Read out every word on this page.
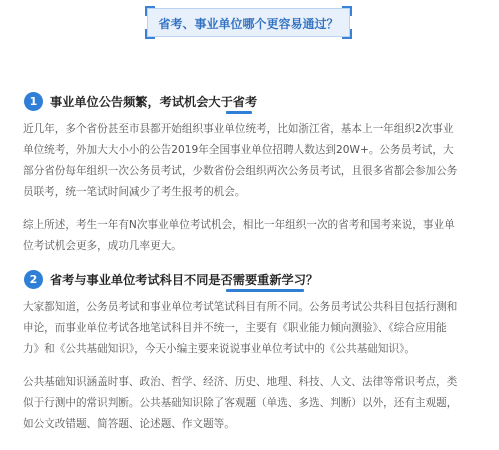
省考、事业单位哪个更容易通过？
1	事业单位公告频繁，考试机会大于省考
近几年，多个省份甚至市县都开始组织事业单位统考，比如浙江省，基本上一年组织2次事业
单位统考，外加大大小小的公告2019年全国事业单位招聘人数达到20W+。公务员考试，大
部分省份每年组织一次公务员考试，少数省份会组织两次公务员考试，且很多省都会参加公务
员联考，统一笔试时间减少了考生报考的机会。
综上所述，考生一年有N次事业单位考试机会，相比一年组织一次的省考和国考来说，事业单
位考试机会更多，成功几率更大。
2	省考与事业单位考试科目不同是否需要重新学习？
大家都知道，公务员考试和事业单位考试笔试科目有所不同。公务员考试公共科目包括行测和
申论，而事业单位考试各地笔试科目并不统一，主要有《职业能力倾向测验》、《综合应用能
力》和《公共基础知识》，今天小编主要来说说事业单位考试中的《公共基础知识》。
公共基础知识涵盖时事、政治、哲学、经济、历史、地理、科技、人文、法律等常识考点，类
似于行测中的常识判断。公共基础知识除了客观题（单选、多选、判断）以外，还有主观题，
如公文改错题、简答题、论述题、作文题等。
